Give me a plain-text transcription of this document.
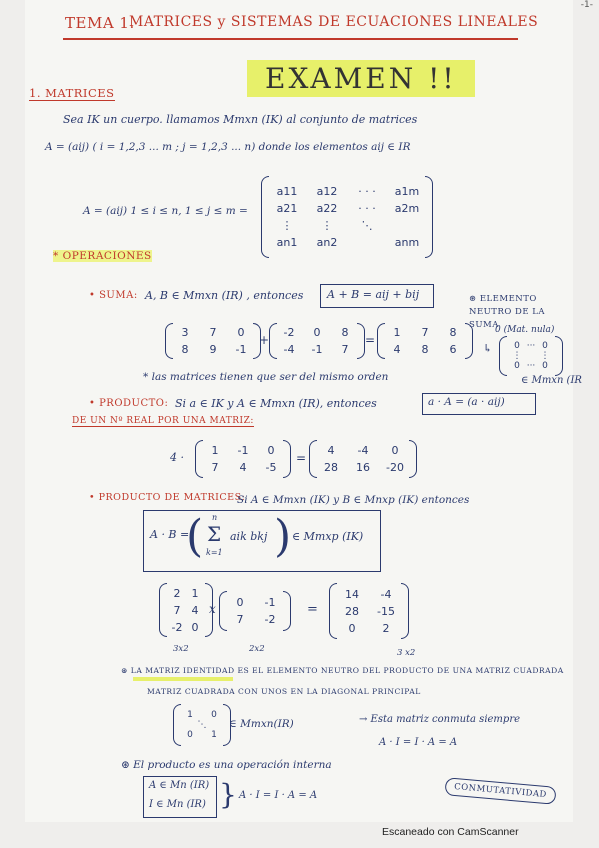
TEMA 1.
MATRICES y SISTEMAS DE ECUACIONES LINEALES
EXAMEN !!
1. MATRICES
Sea IK un cuerpo. llamamos Mmxn (IK) al conjunto de matrices
A = (aij) ( i = 1,2,3 ... m ; j = 1,2,3 ... n) donde los elementos aij ∈ IR
A = (aij) 1 ≤ i ≤ n, 1 ≤ j ≤ m =
a11	a12	· · ·	a1m
a21	a22	· · ·	a2m
⋮	⋮	⋱
an1	an2	anm
* OPERACIONES
• SUMA: A, B ∈ Mmxn (IR) , entonces A + B = aij + bij
3	7	0
8	9	-1
+
-2	0	8
-4 -1	7
=
1	7	8
4	8	6
* las matrices tienen que ser del mismo orden
⊛ ELEMENTO NEUTRO DE LA SUMA
0 (Mat. nula)
↳	0 ··· 0
⋮ ⋮
0 ··· 0
∈ Mmxn (IR
• PRODUCTO: Si a ∈ IK y A ∈ Mmxn (IR), entonces	a · A = (a · aij)
DE UN Nº REAL POR UNA MATRIZ:
4 ·
1	-1	0
7	4	-5
=
4	-4	0
28 16 -20
• PRODUCTO DE MATRICES:
Si A ∈ Mmxn (IK) y B ∈ Mnxp (IK) entonces
A · B =
( n
Σ
k=1
aik bkj ) ∈ Mmxp (IK)
2 1
7 4
-2 0
x	0	-1
7	-2
=
14	-4
28	-15
0	2
3x2	2x2	3 x2
⊛ LA MATRIZ IDENTIDAD ES EL ELEMENTO NEUTRO DEL PRODUCTO DE UNA MATRIZ CUADRADA
MATRIZ CUADRADA CON UNOS EN LA DIAGONAL PRINCIPAL
1 0
⋱
0 1
∈ Mmxn(IR)	→ Esta matriz conmuta siempre
A · I = I · A = A
⊛ El producto es una operación interna
A ∈ Mn (IR)
I ∈ Mn (IR) } A · I = I · A = A	CONMUTATIVIDAD
-1-
Escaneado con CamScanner
